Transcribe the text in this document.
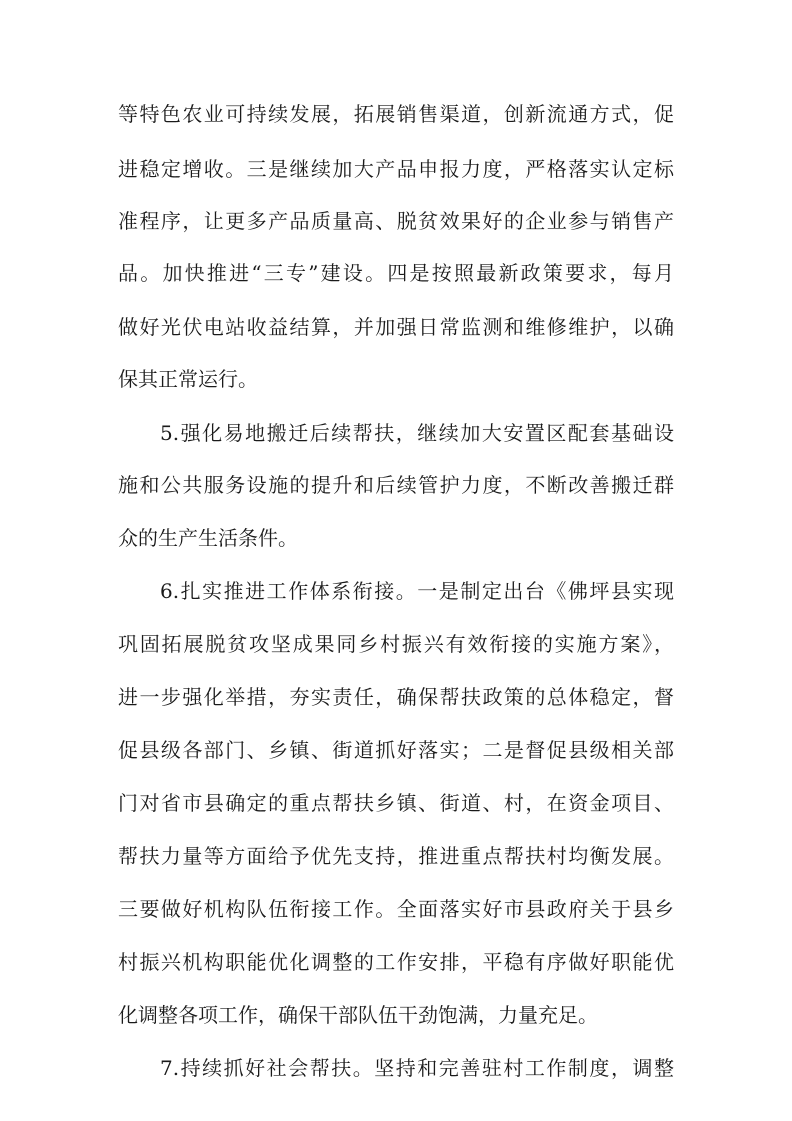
等特色农业可持续发展，拓展销售渠道，创新流通方式，促
进稳定增收。三是继续加大产品申报力度，严格落实认定标
准程序，让更多产品质量高、脱贫效果好的企业参与销售产
品。加快推进“三专”建设。四是按照最新政策要求，每月
做好光伏电站收益结算，并加强日常监测和维修维护，以确
保其正常运行。
5.强化易地搬迁后续帮扶，继续加大安置区配套基础设
施和公共服务设施的提升和后续管护力度，不断改善搬迁群
众的生产生活条件。
6.扎实推进工作体系衔接。一是制定出台《佛坪县实现
巩固拓展脱贫攻坚成果同乡村振兴有效衔接的实施方案》，
进一步强化举措，夯实责任，确保帮扶政策的总体稳定，督
促县级各部门、乡镇、街道抓好落实；二是督促县级相关部
门对省市县确定的重点帮扶乡镇、街道、村，在资金项目、
帮扶力量等方面给予优先支持，推进重点帮扶村均衡发展。
三要做好机构队伍衔接工作。全面落实好市县政府关于县乡
村振兴机构职能优化调整的工作安排，平稳有序做好职能优
化调整各项工作，确保干部队伍干劲饱满，力量充足。
7.持续抓好社会帮扶。坚持和完善驻村工作制度，调整
